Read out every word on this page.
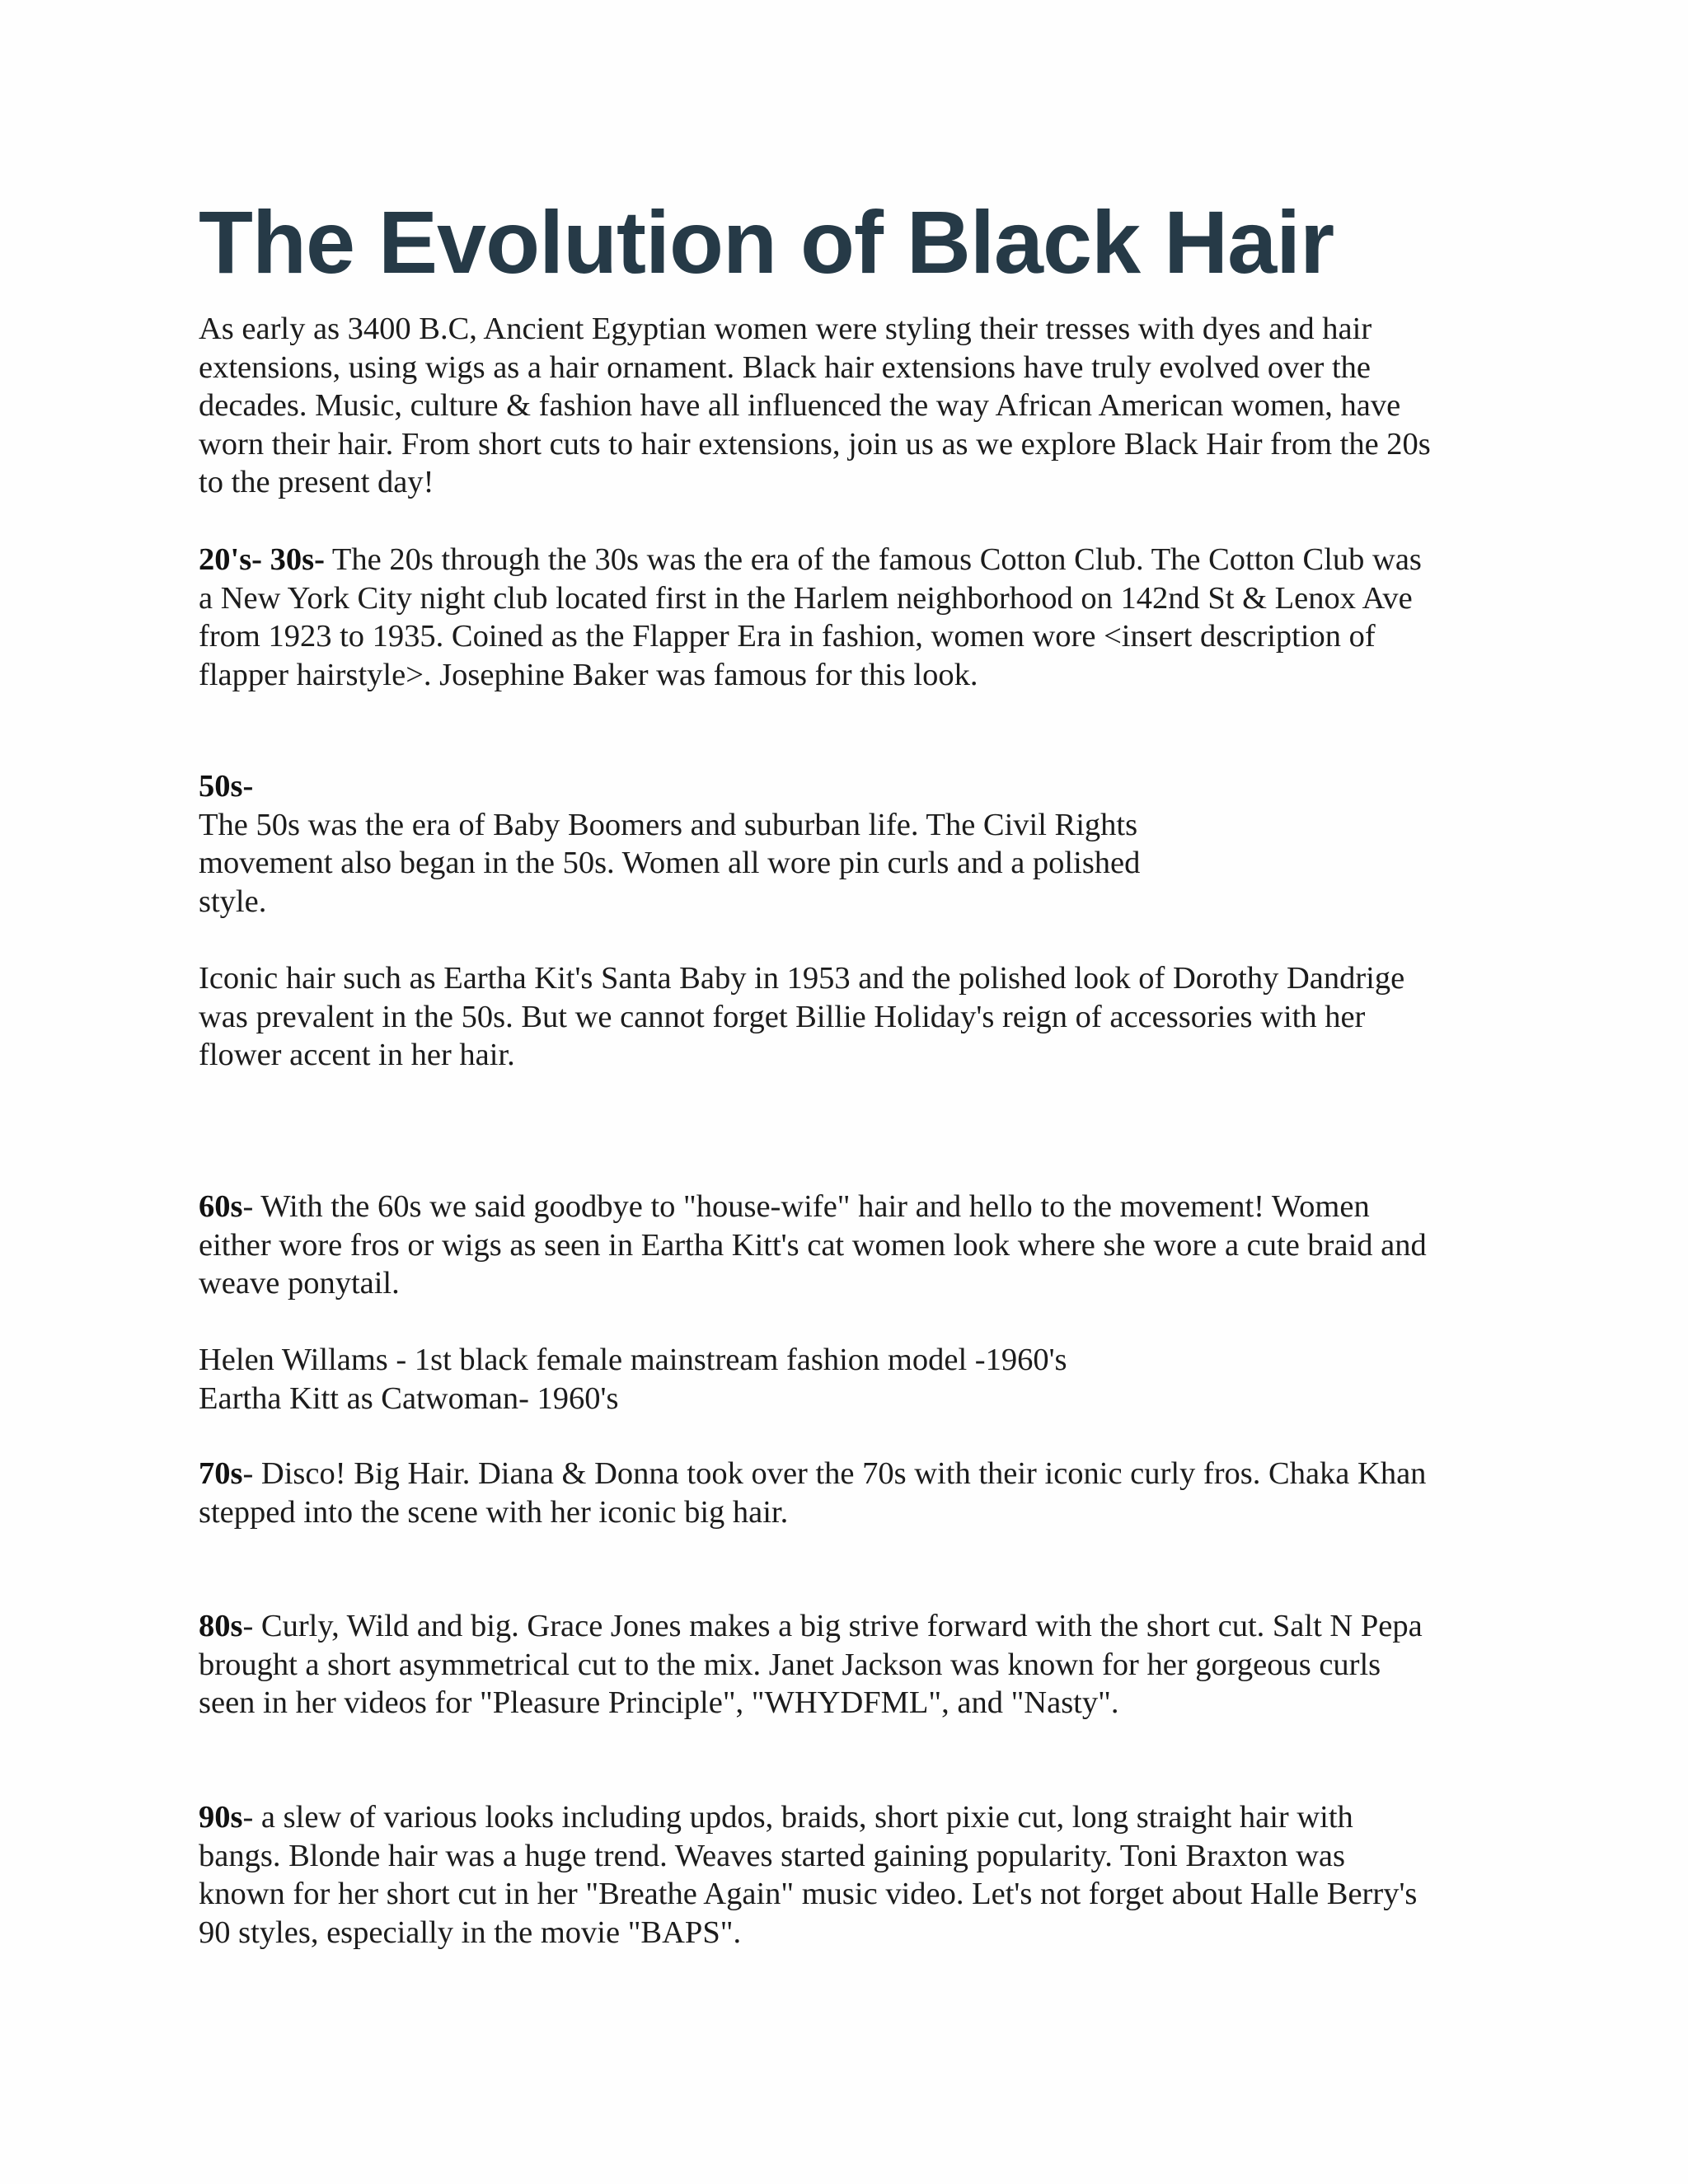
The Evolution of Black Hair

As early as 3400 B.C, Ancient Egyptian women were styling their tresses with dyes and hair
extensions, using wigs as a hair ornament. Black hair extensions have truly evolved over the
decades. Music, culture & fashion have all influenced the way African American women, have
worn their hair. From short cuts to hair extensions, join us as we explore Black Hair from the 20s
to the present day!

20's- 30s- The 20s through the 30s was the era of the famous Cotton Club. The Cotton Club was
a New York City night club located first in the Harlem neighborhood on 142nd St & Lenox Ave
from 1923 to 1935. Coined as the Flapper Era in fashion, women wore <insert description of
flapper hairstyle>. Josephine Baker was famous for this look.

50s-
The 50s was the era of Baby Boomers and suburban life. The Civil Rights
movement also began in the 50s. Women all wore pin curls and a polished
style.

Iconic hair such as Eartha Kit's Santa Baby in 1953 and the polished look of Dorothy Dandrige
was prevalent in the 50s. But we cannot forget Billie Holiday's reign of accessories with her
flower accent in her hair.

60s- With the 60s we said goodbye to "house-wife" hair and hello to the movement! Women
either wore fros or wigs as seen in Eartha Kitt's cat women look where she wore a cute braid and
weave ponytail.

Helen Willams - 1st black female mainstream fashion model -1960's
Eartha Kitt as Catwoman- 1960's

70s- Disco! Big Hair. Diana & Donna took over the 70s with their iconic curly fros. Chaka Khan
stepped into the scene with her iconic big hair.

80s- Curly, Wild and big. Grace Jones makes a big strive forward with the short cut. Salt N Pepa
brought a short asymmetrical cut to the mix. Janet Jackson was known for her gorgeous curls
seen in her videos for "Pleasure Principle", "WHYDFML", and "Nasty".

90s- a slew of various looks including updos, braids, short pixie cut, long straight hair with
bangs. Blonde hair was a huge trend. Weaves started gaining popularity. Toni Braxton was
known for her short cut in her "Breathe Again" music video. Let's not forget about Halle Berry's
90 styles, especially in the movie "BAPS".
